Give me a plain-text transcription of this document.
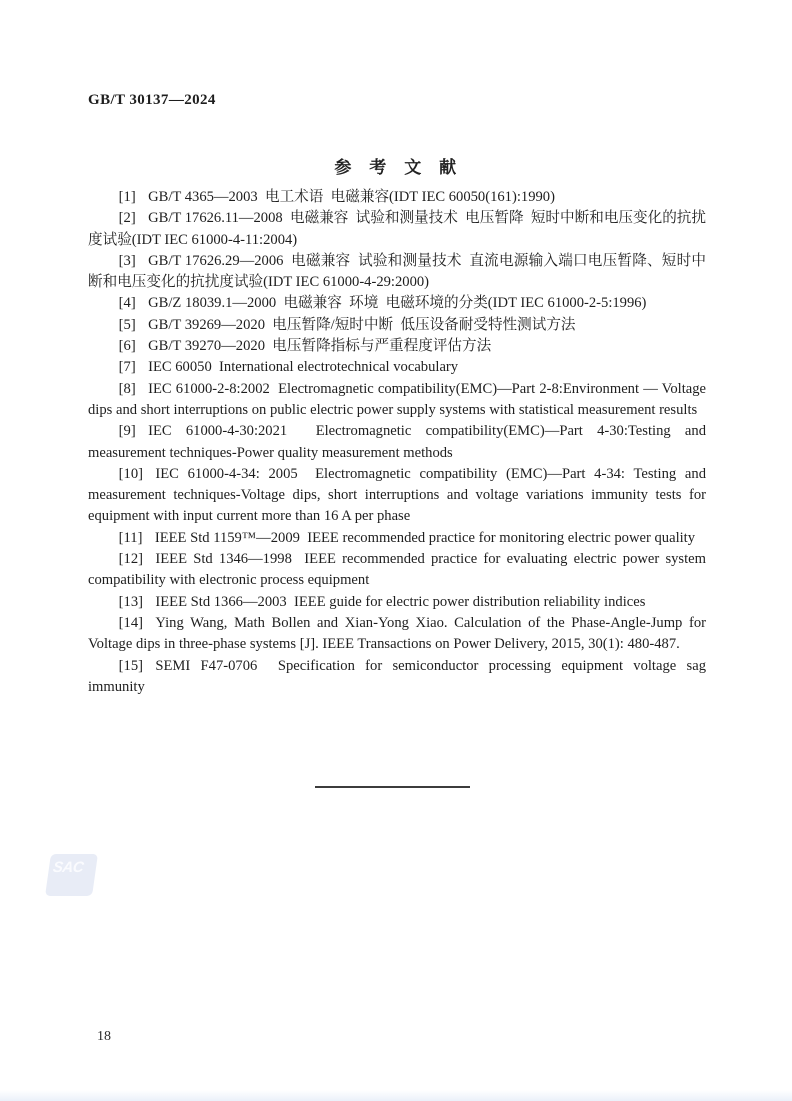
GB/T 30137—2024
参 考 文 献

[1] GB/T 4365—2003  电工术语  电磁兼容(IDT IEC 60050(161):1990)

[2] GB/T 17626.11—2008  电磁兼容  试验和测量技术  电压暂降  短时中断和电压变化的抗扰度试验(IDT IEC 61000-4-11:2004)

[3] GB/T 17626.29—2006  电磁兼容  试验和测量技术  直流电源输入端口电压暂降、短时中断和电压变化的抗扰度试验(IDT IEC 61000-4-29:2000)

[4] GB/Z 18039.1—2000  电磁兼容  环境  电磁环境的分类(IDT IEC 61000-2-5:1996)

[5] GB/T 39269—2020  电压暂降/短时中断  低压设备耐受特性测试方法

[6] GB/T 39270—2020  电压暂降指标与严重程度评估方法

[7] IEC 60050  International electrotechnical vocabulary

[8] IEC 61000-2-8:2002  Electromagnetic compatibility(EMC)—Part 2-8:Environment — Voltage dips and short interruptions on public electric power supply systems with statistical measurement results

[9] IEC 61000-4-30:2021  Electromagnetic compatibility(EMC)—Part 4-30:Testing and measurement techniques-Power quality measurement methods

[10] IEC 61000-4-34: 2005  Electromagnetic compatibility (EMC)—Part 4-34: Testing and measurement techniques-Voltage dips, short interruptions and voltage variations immunity tests for equipment with input current more than 16 A per phase

[11] IEEE Std 1159™—2009  IEEE recommended practice for monitoring electric power quality

[12] IEEE Std 1346—1998  IEEE recommended practice for evaluating electric power system compatibility with electronic process equipment

[13] IEEE Std 1366—2003  IEEE guide for electric power distribution reliability indices

[14] Ying Wang, Math Bollen and Xian-Yong Xiao. Calculation of the Phase-Angle-Jump for Voltage dips in three-phase systems [J]. IEEE Transactions on Power Delivery, 2015, 30(1): 480-487.

[15] SEMI F47-0706  Specification for semiconductor processing equipment voltage sag immunity

SAC
18
